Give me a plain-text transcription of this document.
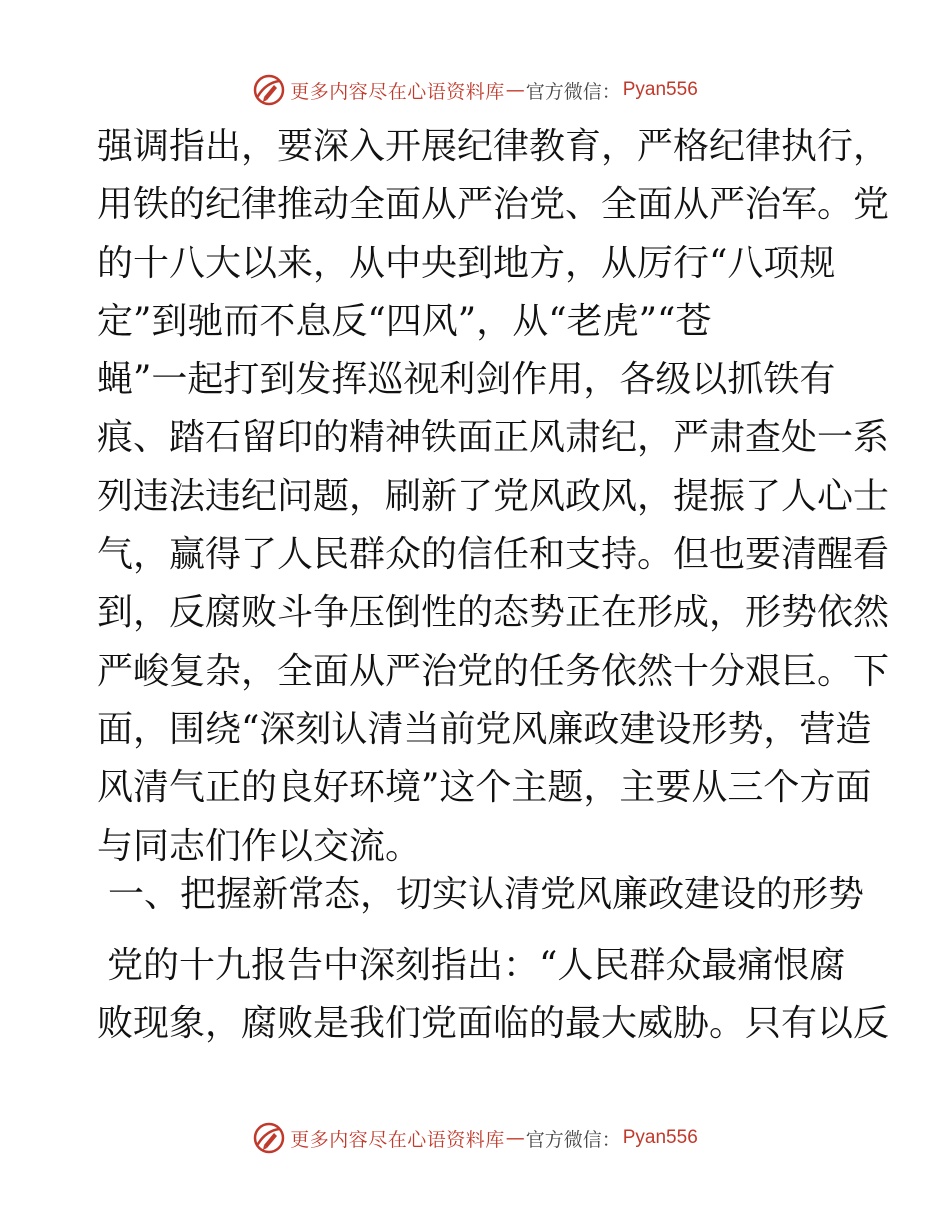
更多内容尽在心语资料库 — 官方微信： Pyan556
强调指出，要深入开展纪律教育，严格纪律执行，
用铁的纪律推动全面从严治党、全面从严治军。党
的十八大以来，从中央到地方，从厉行“八项规
定”到驰而不息反“四风”，从“老虎”“苍
蝇”一起打到发挥巡视利剑作用，各级以抓铁有
痕、踏石留印的精神铁面正风肃纪，严肃查处一系
列违法违纪问题，刷新了党风政风，提振了人心士
气，赢得了人民群众的信任和支持。但也要清醒看
到，反腐败斗争压倒性的态势正在形成，形势依然
严峻复杂，全面从严治党的任务依然十分艰巨。下
面，围绕“深刻认清当前党风廉政建设形势，营造
风清气正的良好环境”这个主题，主要从三个方面
与同志们作以交流。
一、把握新常态，切实认清党风廉政建设的形势
党的十九报告中深刻指出：“人民群众最痛恨腐
败现象，腐败是我们党面临的最大威胁。只有以反
更多内容尽在心语资料库 — 官方微信： Pyan556
